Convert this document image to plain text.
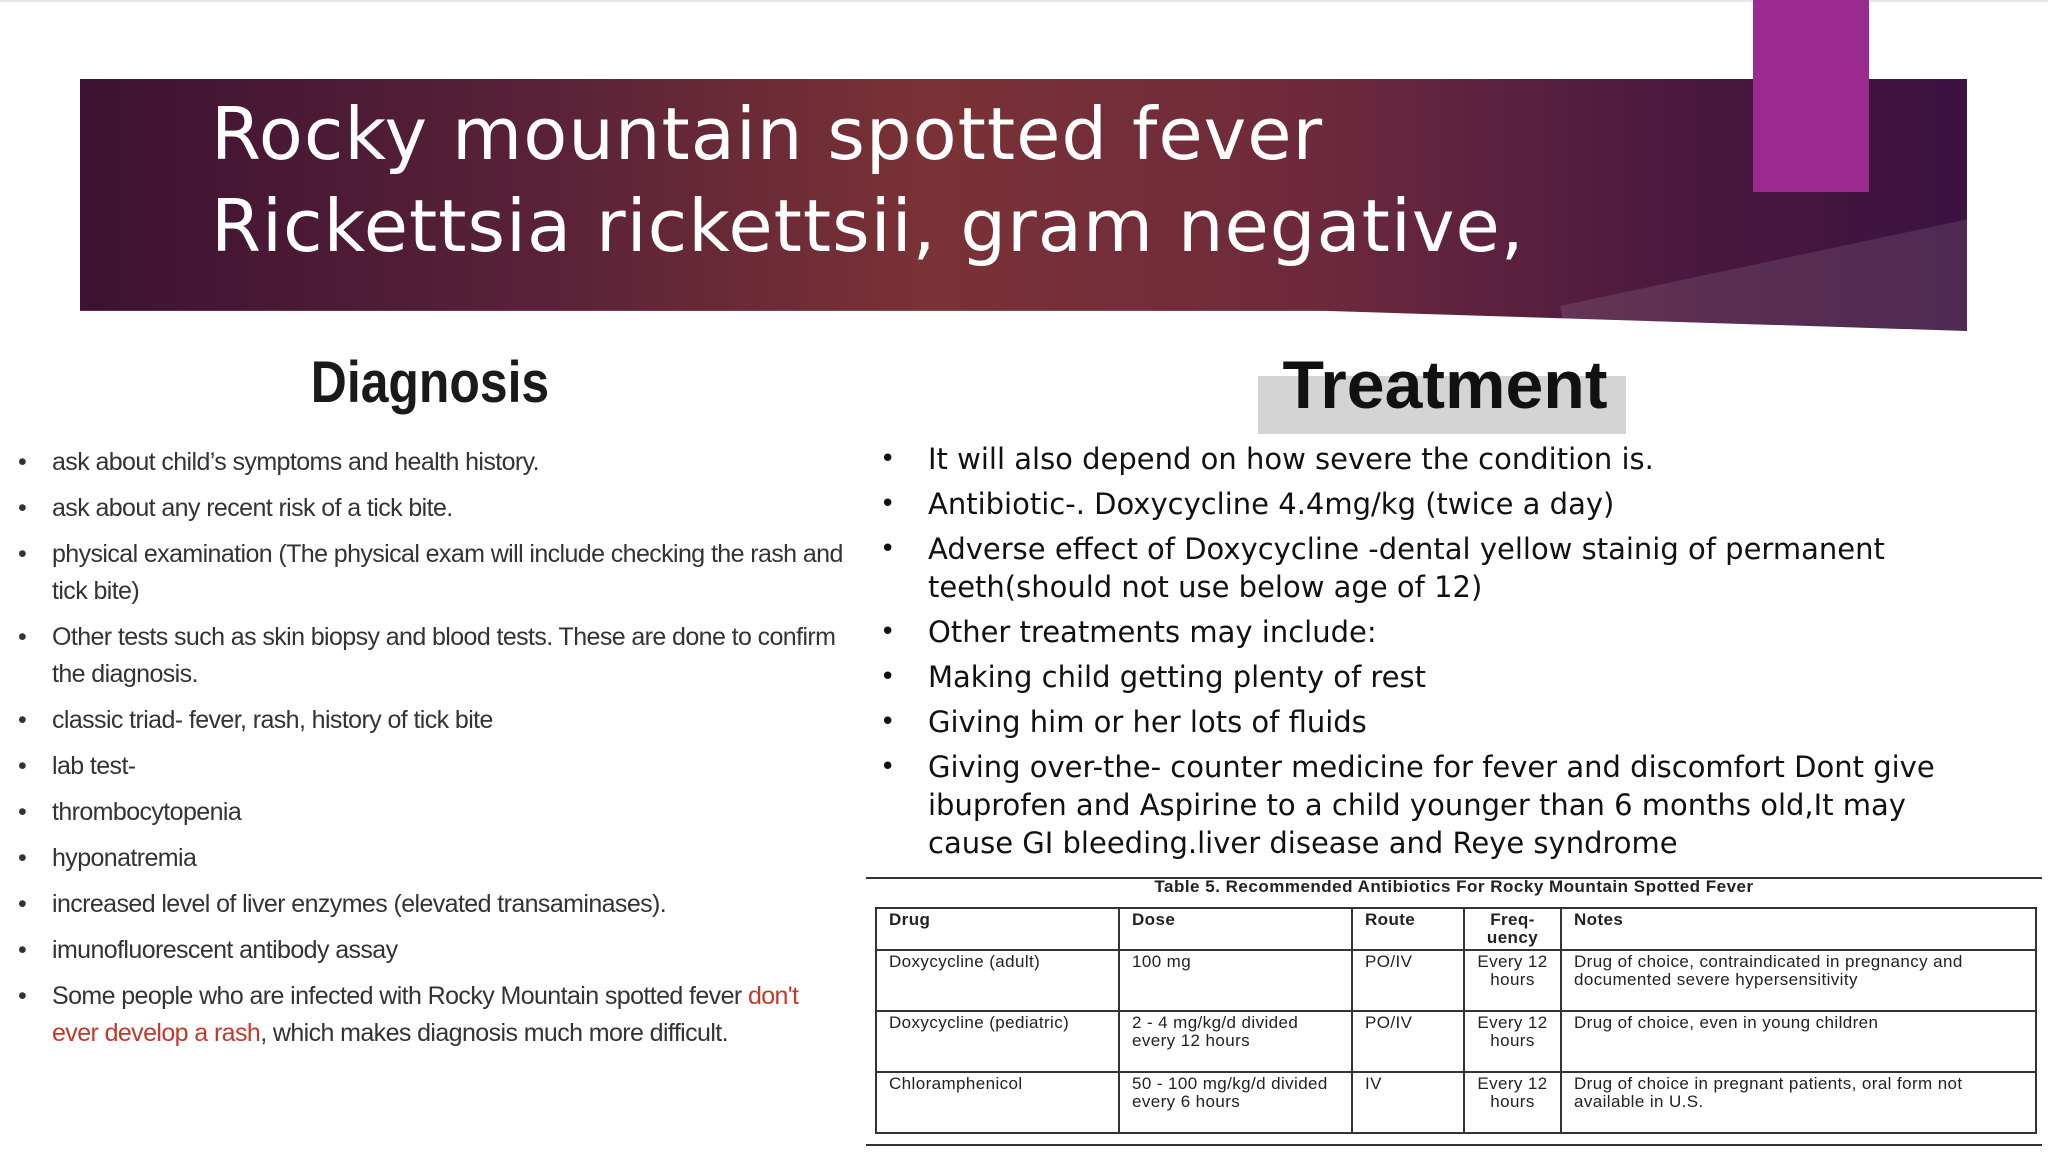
Rocky mountain spotted fever
Rickettsia rickettsii, gram negative,
Diagnosis
• ask about child’s symptoms and health history.
• ask about any recent risk of a tick bite.
• physical examination (The physical exam will include checking the rash and tick bite)
• Other tests such as skin biopsy and blood tests. These are done to confirm the diagnosis.
• classic triad- fever, rash, history of tick bite
• lab test-
• thrombocytopenia
• hyponatremia
• increased level of liver enzymes (elevated transaminases).
• imunofluorescent antibody assay
• Some people who are infected with Rocky Mountain spotted fever don't ever develop a rash, which makes diagnosis much more difficult.
Treatment
• It will also depend on how severe the condition is.
• Antibiotic-. Doxycycline 4.4mg/kg (twice a day)
• Adverse effect of Doxycycline -dental yellow stainig of permanent teeth(should not use below age of 12)
• Other treatments may include:
• Making child getting plenty of rest
• Giving him or her lots of fluids
• Giving over-the- counter medicine for fever and discomfort Dont give ibuprofen and Aspirine to a child younger than 6 months old,It may cause GI bleeding.liver disease and Reye syndrome
Table 5. Recommended Antibiotics For Rocky Mountain Spotted Fever
Drug	Dose	Route	Freq-uency	Notes
Doxycycline (adult)	100 mg	PO/IV	Every 12 hours	Drug of choice, contraindicated in pregnancy and documented severe hypersensitivity
Doxycycline (pediatric)	2 - 4 mg/kg/d divided every 12 hours	PO/IV	Every 12 hours	Drug of choice, even in young children
Chloramphenicol	50 - 100 mg/kg/d divided every 6 hours	IV	Every 12 hours	Drug of choice in pregnant patients, oral form not available in U.S.
